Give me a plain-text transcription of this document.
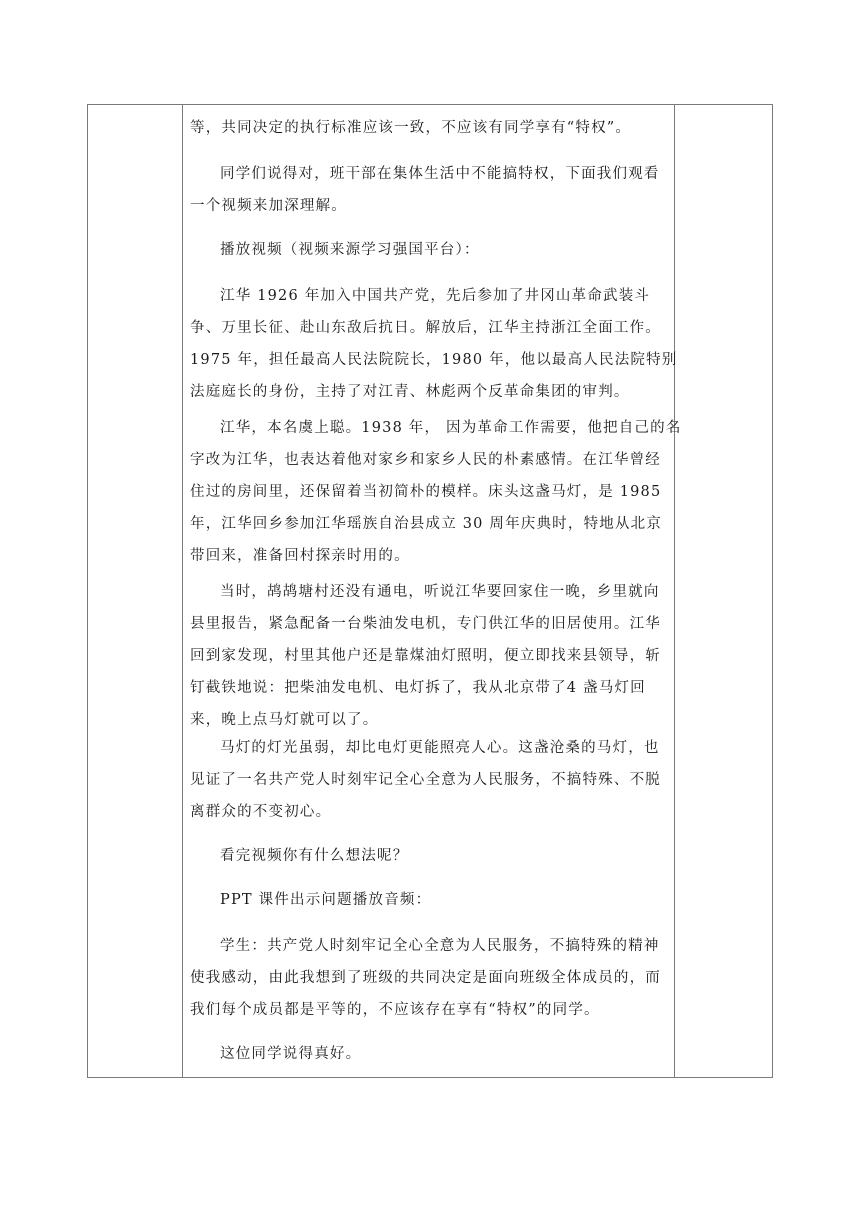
等，共同决定的执行标准应该一致，不应该有同学享有“特权”。
同学们说得对，班干部在集体生活中不能搞特权，下面我们观看
一个视频来加深理解。
播放视频（视频来源学习强国平台）：
江华 1926 年加入中国共产党，先后参加了井冈山革命武装斗
争、万里长征、赴山东敌后抗日。解放后，江华主持浙江全面工作。
1975 年，担任最高人民法院院长，1980 年，他以最高人民法院特别
法庭庭长的身份，主持了对江青、林彪两个反革命集团的审判。
江华，本名虞上聪。1938 年， 因为革命工作需要，他把自己的名
字改为江华，也表达着他对家乡和家乡人民的朴素感情。在江华曾经
住过的房间里，还保留着当初简朴的模样。床头这盏马灯，是 1985
年，江华回乡参加江华瑶族自治县成立 30 周年庆典时，特地从北京
带回来，准备回村探亲时用的。
当时，鸪鸪塘村还没有通电，听说江华要回家住一晚，乡里就向
县里报告，紧急配备一台柴油发电机，专门供江华的旧居使用。江华
回到家发现，村里其他户还是靠煤油灯照明，便立即找来县领导，斩
钉截铁地说：把柴油发电机、电灯拆了，我从北京带了4 盏马灯回
来，晚上点马灯就可以了。
马灯的灯光虽弱，却比电灯更能照亮人心。这盏沧桑的马灯，也
见证了一名共产党人时刻牢记全心全意为人民服务，不搞特殊、不脱
离群众的不变初心。
看完视频你有什么想法呢？
PPT 课件出示问题播放音频：
学生：共产党人时刻牢记全心全意为人民服务，不搞特殊的精神
使我感动，由此我想到了班级的共同决定是面向班级全体成员的，而
我们每个成员都是平等的，不应该存在享有“特权”的同学。
这位同学说得真好。
